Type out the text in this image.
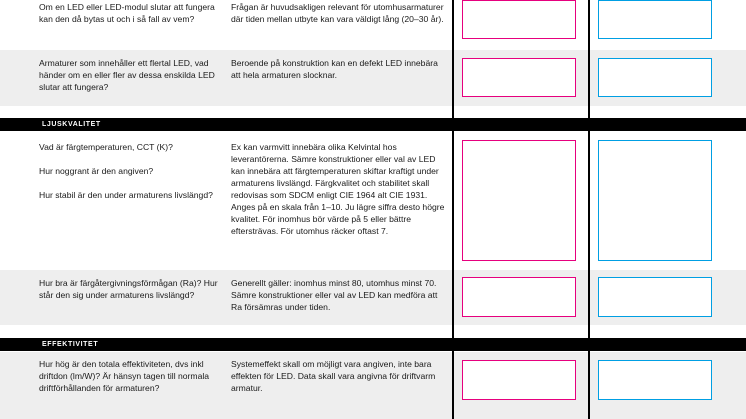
Om en LED eller LED-modul slutar att fungera kan den då bytas ut och i så fall av vem?
Frågan är huvudsakligen relevant för utomhusarmaturer där tiden mellan utbyte kan vara väldigt lång (20–30 år).
Armaturer som innehåller ett flertal LED, vad händer om en eller fler av dessa enskilda LED slutar att fungera?
Beroende på konstruktion kan en defekt LED innebära att hela armaturen slocknar.
LJUSKVALITET
Vad är färgtemperaturen, CCT (K)?
Hur noggrant är den angiven?
Hur stabil är den under armaturens livslängd?
Ex kan varmvitt innebära olika Kelvintal hos leverantörerna. Sämre konstruktioner eller val av LED kan innebära att färgtemperaturen skiftar kraftigt under armaturens livslängd. Färgkvalitet och stabilitet skall redovisas som SDCM enligt CIE 1964 alt CIE 1931. Anges på en skala från 1–10. Ju lägre siffra desto högre kvalitet. För inomhus bör värde på 5 eller bättre eftersträvas. För utomhus räcker oftast 7.
Hur bra är färgåtergivningsförmågan (Ra)? Hur står den sig under armaturens livslängd?
Generellt gäller: inomhus minst 80, utomhus minst 70. Sämre konstruktioner eller val av LED kan medföra att Ra försämras under tiden.
EFFEKTIVITET
Hur hög är den totala effektiviteten, dvs inkl driftdon (lm/W)? Är hänsyn tagen till normala driftförhållanden för armaturen?
Systemeffekt skall om möjligt vara angiven, inte bara effekten för LED. Data skall vara angivna för driftvarm armatur.
